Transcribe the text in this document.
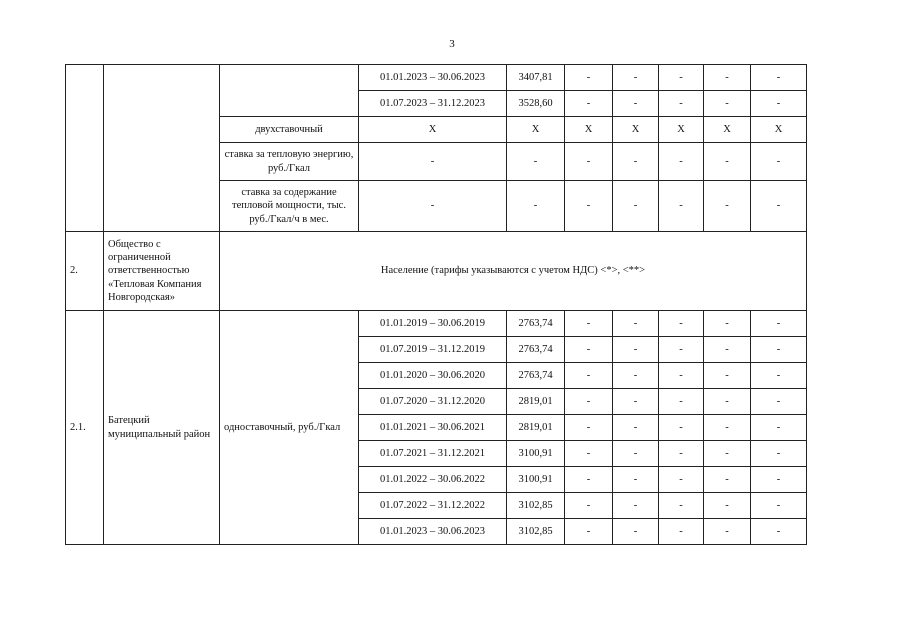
3
			01.01.2023 – 30.06.2023	3407,81	-	-	-	-	-
			01.07.2023 – 31.12.2023	3528,60	-	-	-	-	-
		двухставочный	X	X	X	X	X	X	X
		ставка за тепловую энергию, руб./Гкал	-	-	-	-	-	-	-
		ставка за содержание тепловой мощности, тыс. руб./Гкал/ч в мес.	-	-	-	-	-	-	-
2.	Общество с ограниченной ответственностью «Тепловая Компания Новгородская»	Население (тарифы указываются с учетом НДС) <*>, <**>							
2.1.	Батецкий муниципальный район	одноставочный, руб./Гкал	01.01.2019 – 30.06.2019	2763,74	-	-	-	-	-
			01.07.2019 – 31.12.2019	2763,74	-	-	-	-	-
			01.01.2020 – 30.06.2020	2763,74	-	-	-	-	-
			01.07.2020 – 31.12.2020	2819,01	-	-	-	-	-
			01.01.2021 – 30.06.2021	2819,01	-	-	-	-	-
			01.07.2021 – 31.12.2021	3100,91	-	-	-	-	-
			01.01.2022 – 30.06.2022	3100,91	-	-	-	-	-
			01.07.2022 – 31.12.2022	3102,85	-	-	-	-	-
			01.01.2023 – 30.06.2023	3102,85	-	-	-	-	-
